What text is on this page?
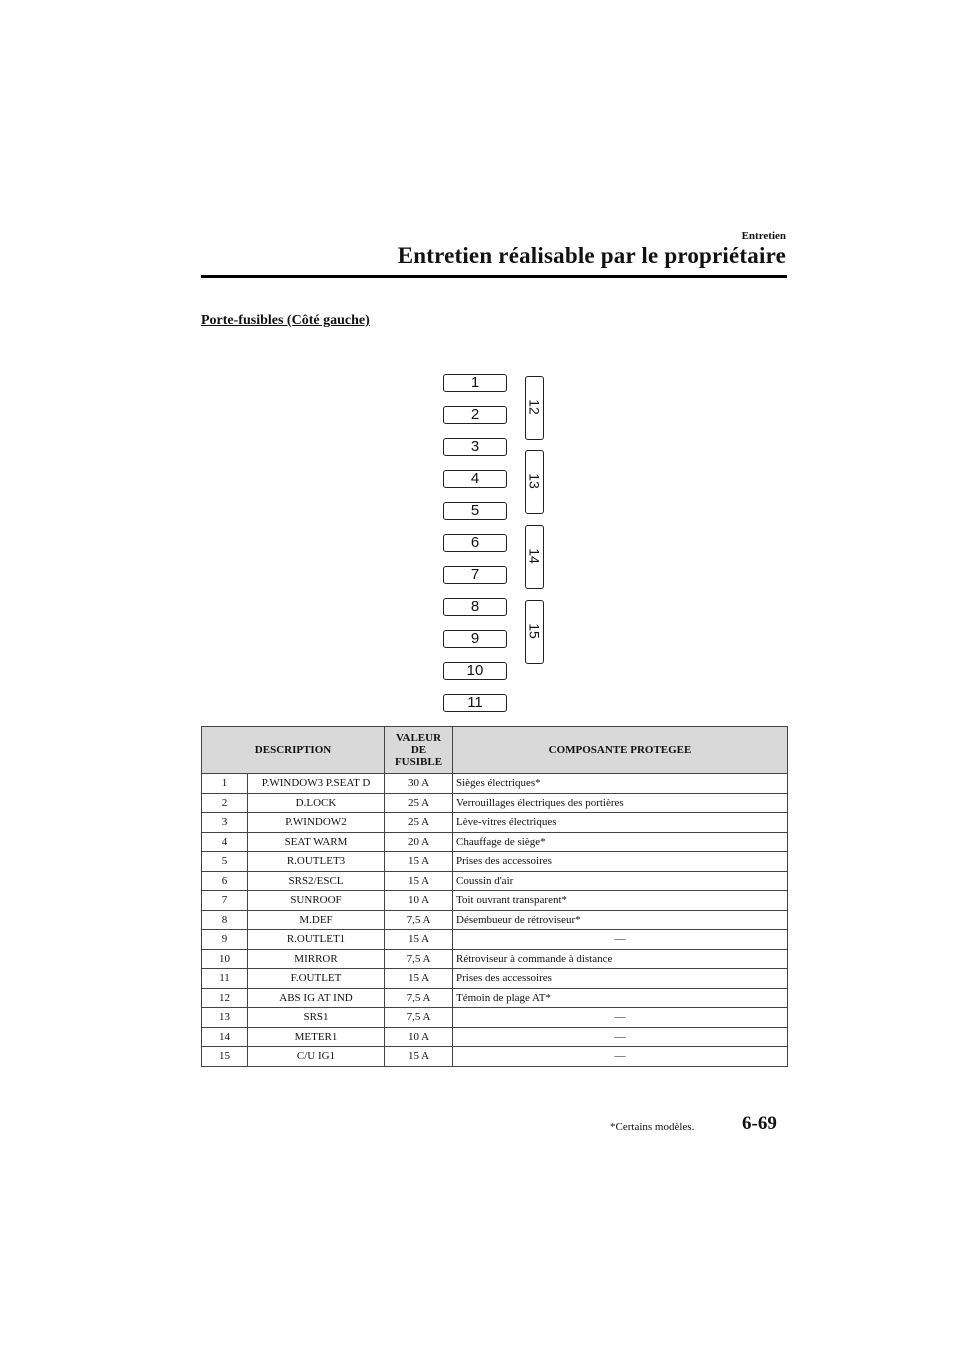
Entretien
Entretien réalisable par le propriétaire
Porte-fusibles (Côté gauche)
1
2
3
4
5
6
7
8
9
10
11
12
13
14
15
DESCRIPTION		VALEUR DE FUSIBLE	COMPOSANTE PROTEGEE
1	P.WINDOW3 P.SEAT D	30 A	Sièges électriques*
2	D.LOCK	25 A	Verrouillages électriques des portières
3	P.WINDOW2	25 A	Lève-vitres électriques
4	SEAT WARM	20 A	Chauffage de siège*
5	R.OUTLET3	15 A	Prises des accessoires
6	SRS2/ESCL	15 A	Coussin d'air
7	SUNROOF	10 A	Toit ouvrant transparent*
8	M.DEF	7,5 A	Désembueur de rétroviseur*
9	R.OUTLET1	15 A	—
10	MIRROR	7,5 A	Rétroviseur à commande à distance
11	F.OUTLET	15 A	Prises des accessoires
12	ABS IG AT IND	7,5 A	Témoin de plage AT*
13	SRS1	7,5 A	—
14	METER1	10 A	—
15	C/U IG1	15 A	—
*Certains modèles.	6-69
